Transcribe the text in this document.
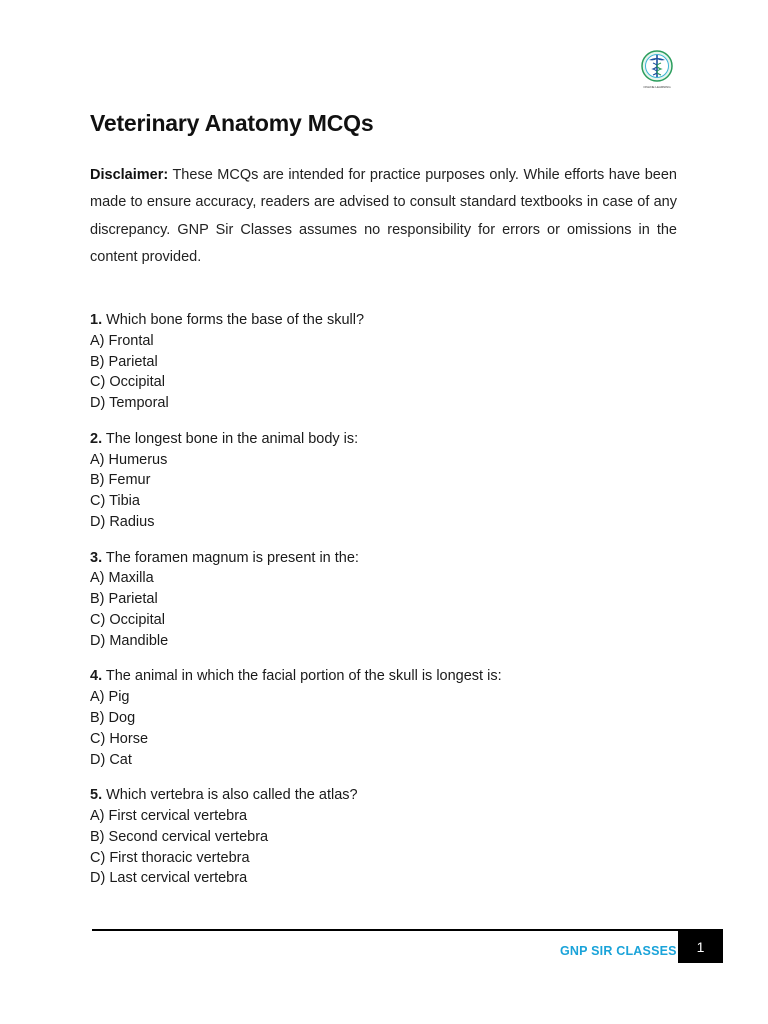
ONLINE LEARNING
Veterinary Anatomy MCQs

Disclaimer: These MCQs are intended for practice purposes only. While efforts have been made to ensure accuracy, readers are advised to consult standard textbooks in case of any discrepancy. GNP Sir Classes assumes no responsibility for errors or omissions in the content provided.

1. Which bone forms the base of the skull?
A) Frontal
B) Parietal
C) Occipital
D) Temporal
2. The longest bone in the animal body is:
A) Humerus
B) Femur
C) Tibia
D) Radius
3. The foramen magnum is present in the:
A) Maxilla
B) Parietal
C) Occipital
D) Mandible
4. The animal in which the facial portion of the skull is longest is:
A) Pig
B) Dog
C) Horse
D) Cat
5. Which vertebra is also called the atlas?
A) First cervical vertebra
B) Second cervical vertebra
C) First thoracic vertebra
D) Last cervical vertebra
GNP SIR CLASSES	1
